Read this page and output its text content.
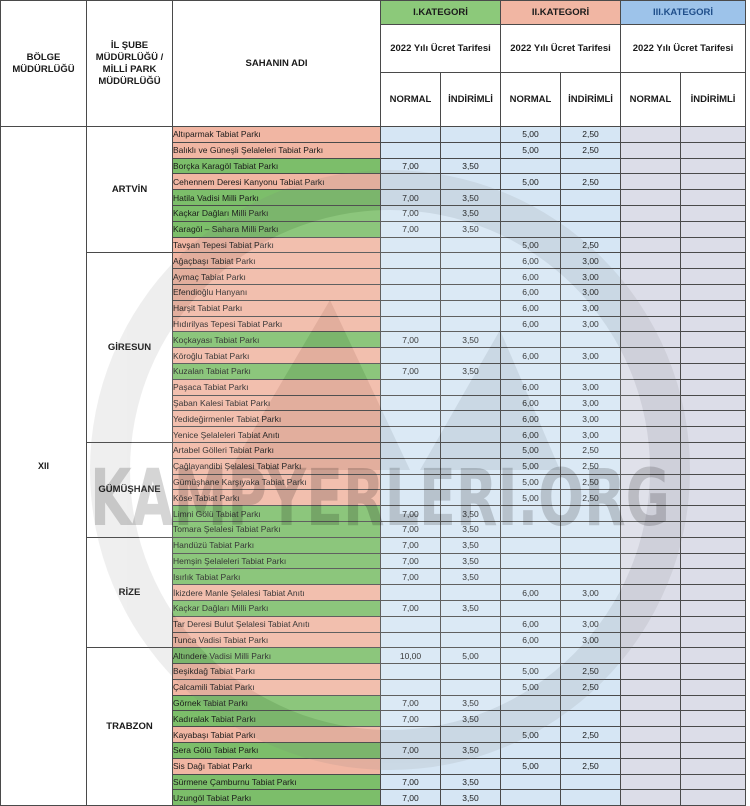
BÖLGE MÜDÜRLÜĞÜ	İL ŞUBE MÜDÜRLÜĞÜ / MİLLİ PARK MÜDÜRLÜĞÜ	SAHANIN ADI	I.KATEGORİ		II.KATEGORİ		III.KATEGORİ	
			2022 Yılı Ücret Tarifesi		2022 Yılı Ücret Tarifesi		2022 Yılı Ücret Tarifesi	
			NORMAL	İNDİRİMLİ	NORMAL	İNDİRİMLİ	NORMAL	İNDİRİMLİ
XII	ARTVİN	Altıparmak Tabiat Parkı			5,00	2,50		
		Balıklı ve Güneşli Şelaleleri Tabiat Parkı			5,00	2,50		
		Borçka Karagöl Tabiat Parkı	7,00	3,50				
		Cehennem Deresi Kanyonu Tabiat Parkı			5,00	2,50		
		Hatila Vadisi Milli Parkı	7,00	3,50				
		Kaçkar Dağları Milli Parkı	7,00	3,50				
		Karagöl – Sahara Milli Parkı	7,00	3,50				
		Tavşan Tepesi Tabiat Parkı			5,00	2,50		
	GİRESUN	Ağaçbaşı Tabiat Parkı			6,00	3,00		
		Aymaç Tabiat Parkı			6,00	3,00		
		Efendioğlu Hanyanı			6,00	3,00		
		Harşit Tabiat Parkı			6,00	3,00		
		Hıdırilyas Tepesi Tabiat Parkı			6,00	3,00		
		Koçkayası Tabiat Parkı	7,00	3,50				
		Köroğlu Tabiat Parkı			6,00	3,00		
		Kuzalan Tabiat Parkı	7,00	3,50				
		Paşaca Tabiat Parkı			6,00	3,00		
		Şaban Kalesi Tabiat Parkı			6,00	3,00		
		Yedideğirmenler Tabiat Parkı			6,00	3,00		
		Yenice Şelaleleri Tabiat Anıtı			6,00	3,00		
	GÜMÜŞHANE	Artabel Gölleri Tabiat Parkı			5,00	2,50		
		Çağlayandibi Şelalesi Tabiat Parkı			5,00	2,50		
		Gümüşhane Karşıyaka Tabiat Parkı			5,00	2,50		
		Köse Tabiat Parkı			5,00	2,50		
		Limni Gölü Tabiat Parkı	7,00	3,50				
		Tomara Şelalesi Tabiat Parkı	7,00	3,50				
	RİZE	Handüzü Tabiat Parkı	7,00	3,50				
		Hemşin Şelaleleri Tabiat Parkı	7,00	3,50				
		Isırlık Tabiat Parkı	7,00	3,50				
		İkizdere Manle Şelalesi Tabiat Anıtı			6,00	3,00		
		Kaçkar Dağları Milli Parkı	7,00	3,50				
		Tar Deresi Bulut Şelalesi Tabiat Anıtı			6,00	3,00		
		Tunca Vadisi Tabiat Parkı			6,00	3,00		
	TRABZON	Altındere Vadisi Milli Parkı	10,00	5,00				
		Beşikdağ Tabiat Parkı			5,00	2,50		
		Çalcamili Tabiat Parkı			5,00	2,50		
		Görnek Tabiat Parkı	7,00	3,50				
		Kadıralak Tabiat Parkı	7,00	3,50				
		Kayabaşı Tabiat Parkı			5,00	2,50		
		Sera Gölü Tabiat Parkı	7,00	3,50				
		Sis Dağı Tabiat Parkı			5,00	2,50		
		Sürmene Çamburnu Tabiat Parkı	7,00	3,50				
		Uzungöl Tabiat Parkı	7,00	3,50				
